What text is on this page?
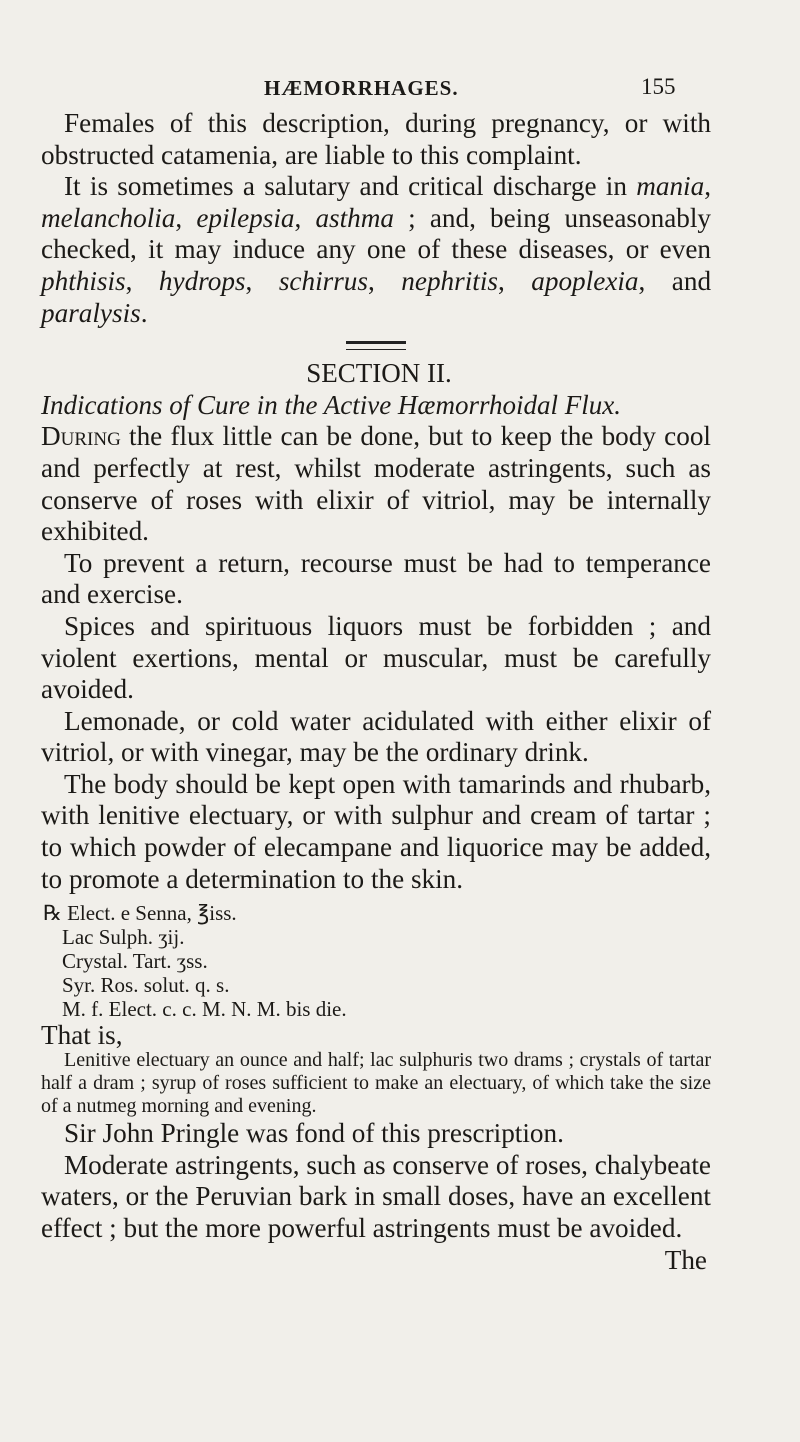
HÆMORRHAGES.	155

Females of this description, during pregnancy, or with obstructed catamenia, are liable to this complaint.

It is sometimes a salutary and critical discharge in mania, melancholia, epilepsia, asthma ; and, being unseasonably checked, it may induce any one of these diseases, or even phthisis, hydrops, schirrus, nephritis, apoplexia, and paralysis.

SECTION II.

Indications of Cure in the Active Hæmorrhoidal Flux.

During the flux little can be done, but to keep the body cool and perfectly at rest, whilst moderate astringents, such as conserve of roses with elixir of vitriol, may be internally exhibited.

To prevent a return, recourse must be had to temperance and exercise.

Spices and spirituous liquors must be forbidden ; and violent exertions, mental or muscular, must be carefully avoided.

Lemonade, or cold water acidulated with either elixir of vitriol, or with vinegar, may be the ordinary drink.

The body should be kept open with tamarinds and rhubarb, with lenitive electuary, or with sulphur and cream of tartar ; to which powder of elecampane and liquorice may be added, to promote a determination to the skin.

℞ Elect. e Senna, ℥iss.
Lac Sulph. ʒij.
Crystal. Tart. ʒss.
Syr. Ros. solut. q. s.
M. f. Elect. c. c. M. N. M. bis die.

That is,

Lenitive electuary an ounce and half; lac sulphuris two drams ; crystals of tartar half a dram ; syrup of roses sufficient to make an electuary, of which take the size of a nutmeg morning and evening.

Sir John Pringle was fond of this prescription.

Moderate astringents, such as conserve of roses, chalybeate waters, or the Peruvian bark in small doses, have an excellent effect ; but the more powerful astringents must be avoided.

The
